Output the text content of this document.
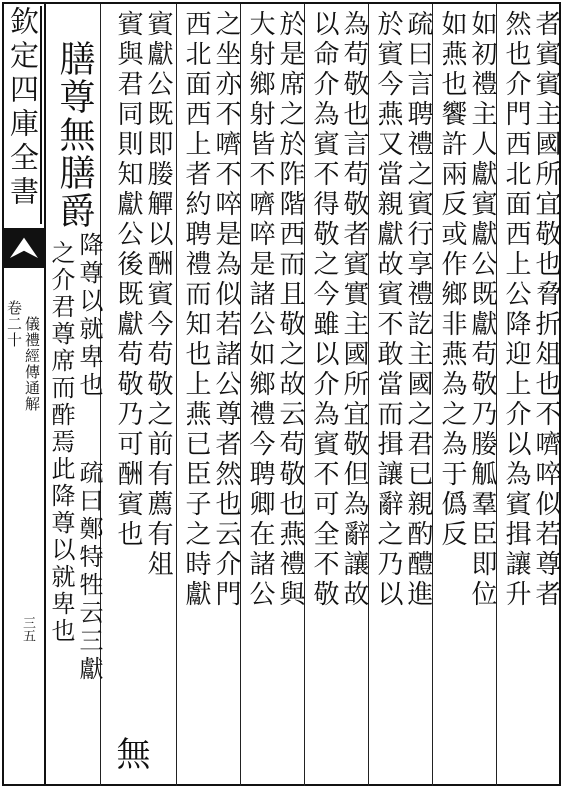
欽定四庫全書
卷二十 儀禮經傳通解
三五
者賓賓主國所宜敬也脅折俎也不嚌啐似若尊者
然也介門西北面西上公降迎上介以為賓揖讓升
如初禮主人獻賓獻公既獻苟敬乃媵觚羣臣即位
如燕也饗許兩反或作鄉非燕為之為于僞反
疏曰言聘禮之賓行享禮訖主國之君已親酌醴進
於賓今燕又當親獻故賓不敢當而揖讓辭之乃以
為苟敬也言苟敬者賓實主國所宜敬但為辭讓故
以命介為賓不得敬之今雖以介為賓不可全不敬
於是席之於阼階西而且敬之故云苟敬也燕禮與
大射鄉射皆不嚌啐是諸公如鄉禮今聘卿在諸公
之坐亦不嚌不啐是為似若諸公尊者然也云介門
西北面西上者約聘禮而知也上燕已臣子之時獻
賓獻公既即媵觶以酬賓今苟敬之前有薦有俎
賓與君同則知獻公後既獻苟敬乃可酬賓也
膳尊無膳爵
降尊以就卑也
之介君尊席而酢焉此降尊以就卑也 疏曰鄭特牲云三獻
無
